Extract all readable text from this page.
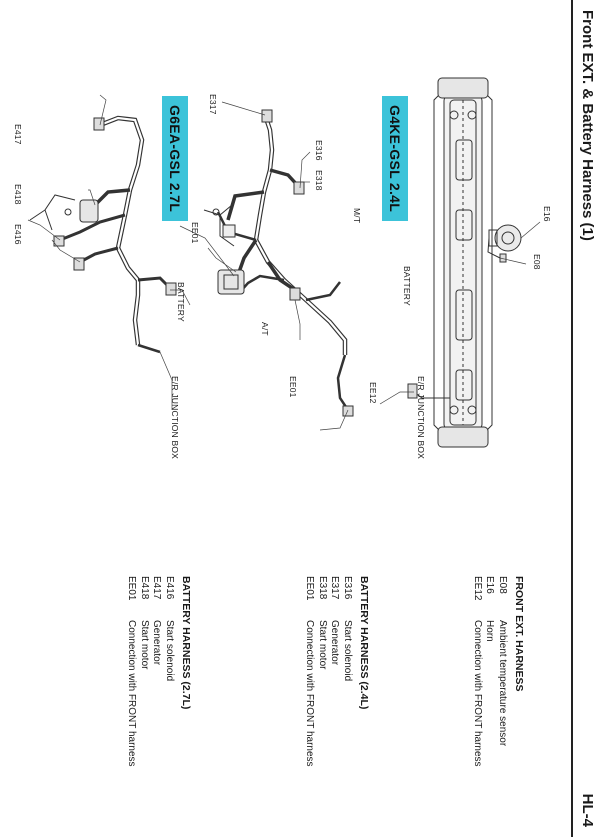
Front EXT. & Battery Harness (1)
HL-4
G4KE-GSL 2.4L
G6EA-GSL 2.7L
E16
E08
EE12
E317
E316
E318
M/T
BATTERY
E/R JUNCTION BOX
A/T
EE01
E417
E418
E416	EE01
BATTERY
E/R JUNCTION BOX
FRONT EXT. HARNESS
E08
Ambient temperature sensor
E16
Horn
EE12
Connection with FRONT harness
BATTERY HARNESS (2.4L)
E316
Start solenoid
E317
Generator
E318
Start motor
EE01
Connection with FRONT harness
BATTERY HARNESS (2.7L)
E416
Start solenoid
E417
Generator
E418
Start motor
EE01
Connection with FRONT harness
